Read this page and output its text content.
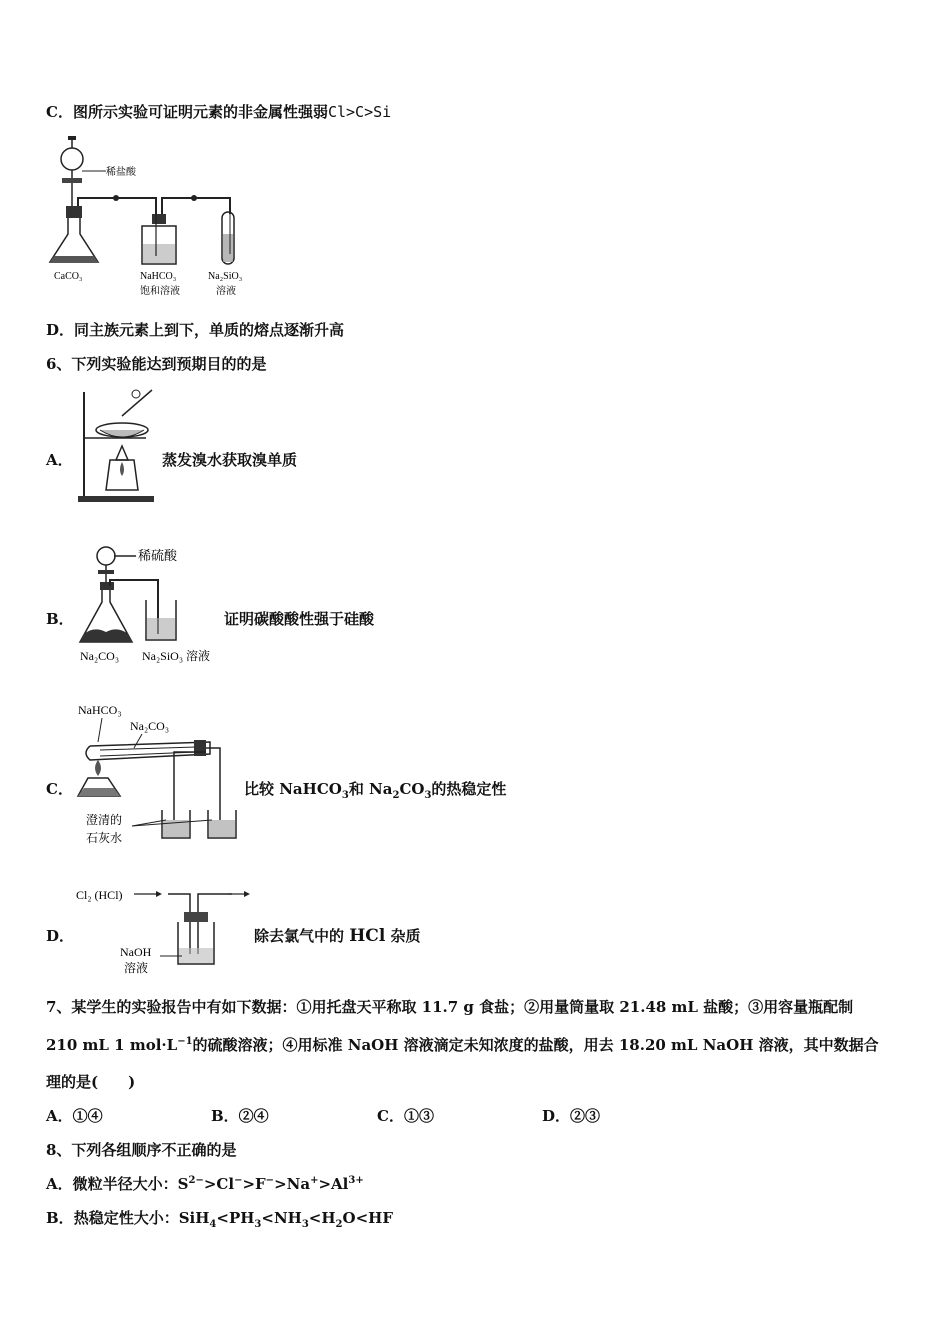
C．图所示实验可证明元素的非金属性强弱Cl>C>Si
稀盐酸
CaCO₃	NaHCO₃
饱和溶液
Na₂SiO₃
溶液
D．同主族元素上到下，单质的熔点逐渐升高
6、下列实验能达到预期目的的是
A．	蒸发溴水获取溴单质
稀硫酸
Na₂CO₃ Na₂SiO₃ 溶液
B．	证明碳酸酸性强于硅酸
NaHCO₃
Na₂CO₃
澄清的
石灰水
C．	比较 NaHCO$_3$和 $Na_2CO_3$的热稳定性
Cl₂ (HCl)
NaOH
溶液
D．	除去氯气中的 HCl 杂质
7、某学生的实验报告中有如下数据：①用托盘天平称取 11.7 g 食盐；②用量筒量取 21.48 mL 盐酸；③用容量瓶配制
210 mL 1 $mol\cdot L^{-1}$的硫酸溶液；④用标准 NaOH 溶液滴定未知浓度的盐酸，用去 18.20 mL NaOH 溶液，其中数据合
理的是(　　)
A．①④	B．②④	C．①③	D．②③
8、下列各组顺序不正确的是
A．微粒半径大小：$S^{2-}>Cl^->F^->Na^+>Al^{3+}$
B．热稳定性大小：$SiH_4<PH_3<NH_3<H_2O<HF$
